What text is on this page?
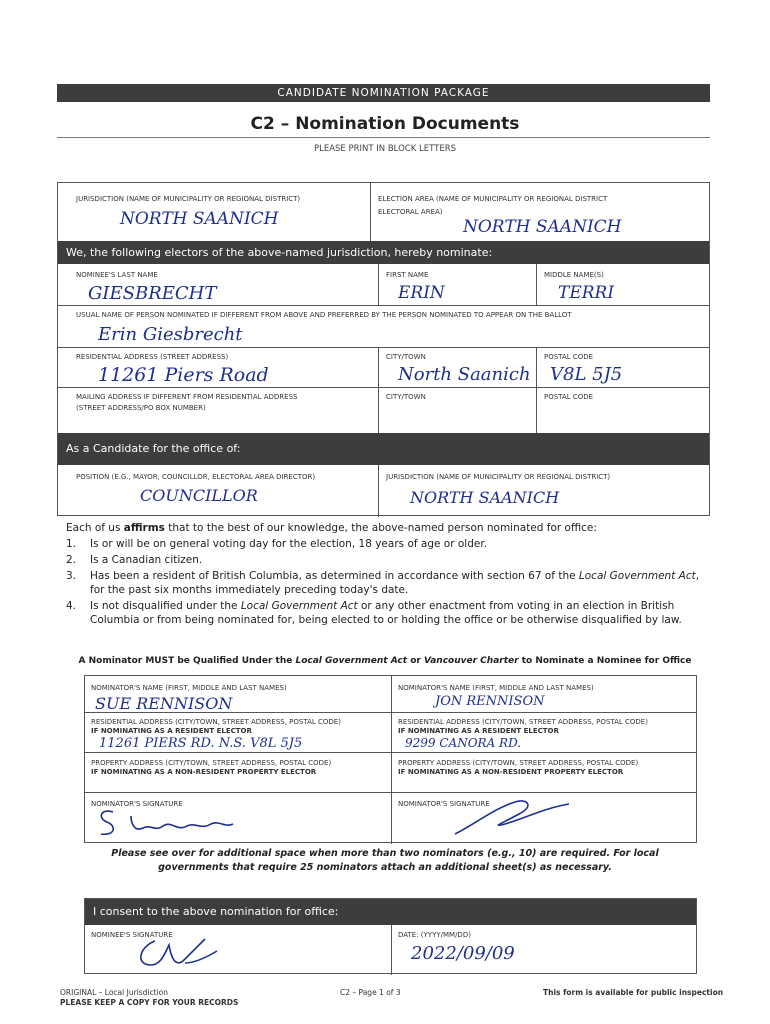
CANDIDATE NOMINATION PACKAGE
C2 – Nomination Documents
PLEASE PRINT IN BLOCK LETTERS
JURISDICTION (NAME OF MUNICIPALITY OR REGIONAL DISTRICT)
NORTH SAANICH
ELECTION AREA (NAME OF MUNICIPALITY OR REGIONAL DISTRICT
ELECTORAL AREA)
NORTH SAANICH
We, the following electors of the above-named jurisdiction, hereby nominate:
NOMINEE'S LAST NAME
GIESBRECHT
FIRST NAME
ERIN
MIDDLE NAME(S)
TERRI
USUAL NAME OF PERSON NOMINATED IF DIFFERENT FROM ABOVE AND PREFERRED BY THE PERSON NOMINATED TO APPEAR ON THE BALLOT
Erin Giesbrecht
RESIDENTIAL ADDRESS (STREET ADDRESS)
11261 Piers Road
CITY/TOWN
North Saanich
POSTAL CODE
V8L 5J5
MAILING ADDRESS IF DIFFERENT FROM RESIDENTIAL ADDRESS
(STREET ADDRESS/PO BOX NUMBER)
CITY/TOWN	POSTAL CODE
As a Candidate for the office of:
POSITION (E.G., MAYOR, COUNCILLOR, ELECTORAL AREA DIRECTOR)
COUNCILLOR
JURISDICTION (NAME OF MUNICIPALITY OR REGIONAL DISTRICT)
NORTH SAANICH
Each of us affirms that to the best of our knowledge, the above-named person nominated for office:
1. Is or will be on general voting day for the election, 18 years of age or older.
2. Is a Canadian citizen.
3. Has been a resident of British Columbia, as determined in accordance with section 67 of the Local Government Act, for the past six months immediately preceding today's date.
4. Is not disqualified under the Local Government Act or any other enactment from voting in an election in British Columbia or from being nominated for, being elected to or holding the office or be otherwise disqualified by law.
A Nominator MUST be Qualified Under the Local Government Act or Vancouver Charter to Nominate a Nominee for Office
NOMINATOR'S NAME (FIRST, MIDDLE AND LAST NAMES)
SUE RENNISON
RESIDENTIAL ADDRESS (CITY/TOWN, STREET ADDRESS, POSTAL CODE)
IF NOMINATING AS A RESIDENT ELECTOR
11261 PIERS RD. N.S. V8L 5J5
PROPERTY ADDRESS (CITY/TOWN, STREET ADDRESS, POSTAL CODE)
IF NOMINATING AS A NON-RESIDENT PROPERTY ELECTOR
NOMINATOR'S SIGNATURE
NOMINATOR'S NAME (FIRST, MIDDLE AND LAST NAMES)
JON RENNISON
RESIDENTIAL ADDRESS (CITY/TOWN, STREET ADDRESS, POSTAL CODE)
IF NOMINATING AS A RESIDENT ELECTOR
9299 CANORA RD.
PROPERTY ADDRESS (CITY/TOWN, STREET ADDRESS, POSTAL CODE)
IF NOMINATING AS A NON-RESIDENT PROPERTY ELECTOR
NOMINATOR'S SIGNATURE
Please see over for additional space when more than two nominators (e.g., 10) are required. For local
governments that require 25 nominators attach an additional sheet(s) as necessary.
I consent to the above nomination for office:
NOMINEE'S SIGNATURE	DATE: (YYYY/MM/DD)
2022/09/09
ORIGINAL – Local Jurisdiction
PLEASE KEEP A COPY FOR YOUR RECORDS
C2 – Page 1 of 3	This form is available for public inspection
